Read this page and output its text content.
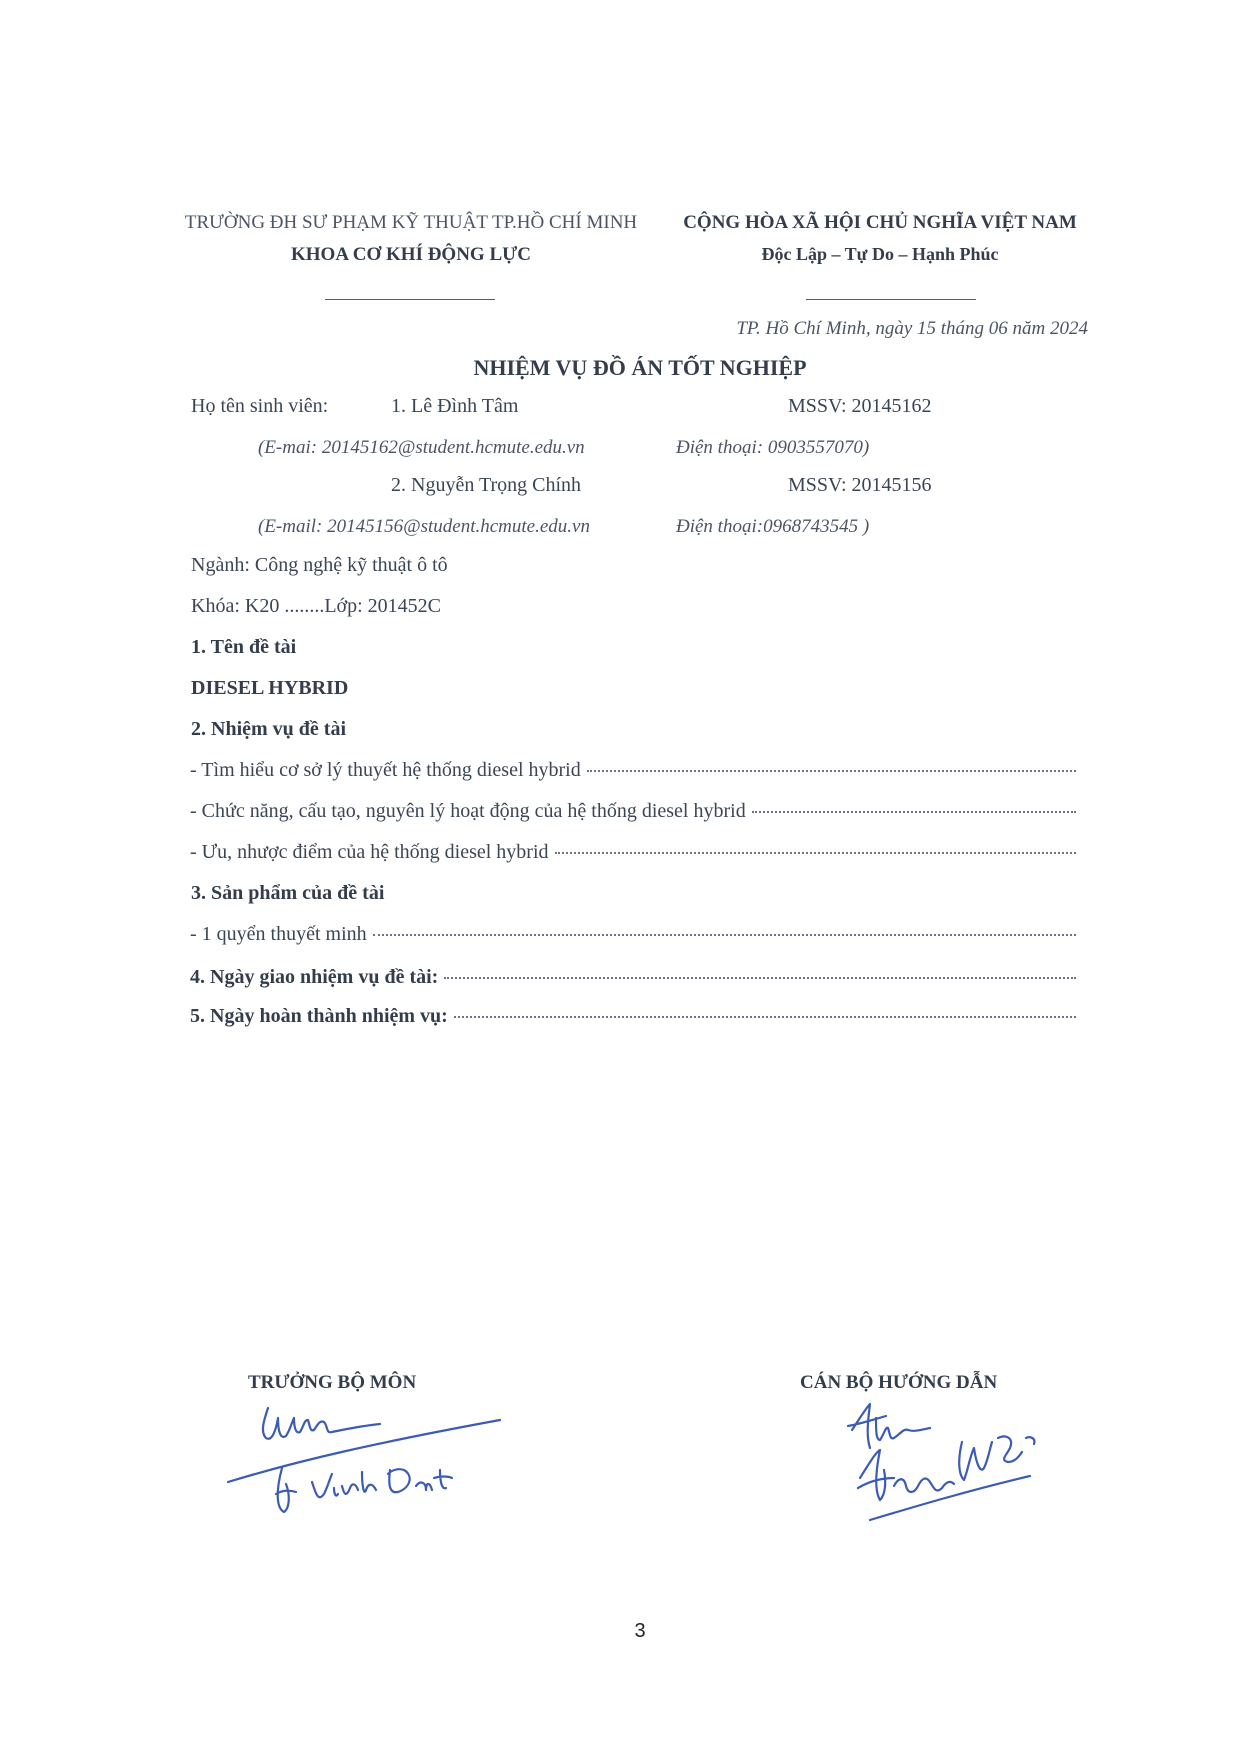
TRƯỜNG ĐH SƯ PHẠM KỸ THUẬT TP.HỒ CHÍ MINH
KHOA CƠ KHÍ ĐỘNG LỰC
CỘNG HÒA XÃ HỘI CHỦ NGHĨA VIỆT NAM
Độc Lập – Tự Do – Hạnh Phúc
TP. Hồ Chí Minh, ngày 15 tháng 06 năm 2024
NHIỆM VỤ ĐỒ ÁN TỐT NGHIỆP
Họ tên sinh viên:	1. Lê Đình Tâm	MSSV: 20145162
(E-mai: 20145162@student.hcmute.edu.vn	Điện thoại: 0903557070)
2. Nguyễn Trọng Chính	MSSV: 20145156
(E-mail: 20145156@student.hcmute.edu.vn	Điện thoại:0968743545 )
Ngành: Công nghệ kỹ thuật ô tô
Khóa: K20 ........Lớp: 201452C
1. Tên đề tài
DIESEL HYBRID
2. Nhiệm vụ đề tài
- Tìm hiểu cơ sở lý thuyết hệ thống diesel hybrid
- Chức năng, cấu tạo, nguyên lý hoạt động của hệ thống diesel hybrid
- Ưu, nhược điểm của hệ thống diesel hybrid
3. Sản phẩm của đề tài
- 1 quyển thuyết minh
4. Ngày giao nhiệm vụ đề tài:
5. Ngày hoàn thành nhiệm vụ:
TRƯỞNG BỘ MÔN	CÁN BỘ HƯỚNG DẪN
3
